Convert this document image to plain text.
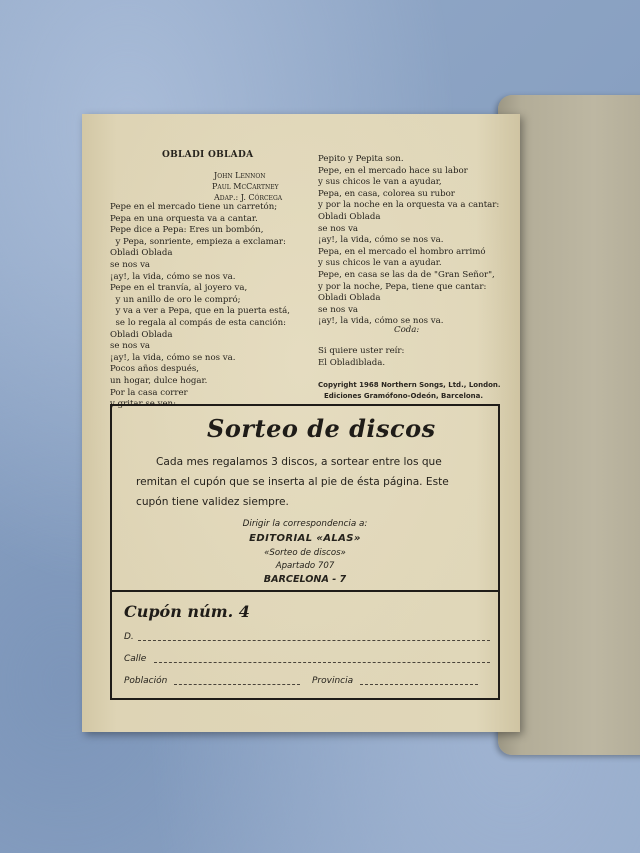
OBLADI OBLADA
John Lennon
Paul McCartney
Adap.: J. Córcega
Pepe en el mercado tiene un carretón;
Pepa en una orquesta va a cantar.
Pepe dice a Pepa: Eres un bombón,
y Pepa, sonriente, empieza a exclamar:
Obladi Oblada
se nos va
¡ay!, la vida, cómo se nos va.
Pepe en el tranvía, al joyero va,
y un anillo de oro le compró;
y va a ver a Pepa, que en la puerta está,
se lo regala al compás de esta canción:
Obladi Oblada
se nos va
¡ay!, la vida, cómo se nos va.
Pocos años después,
un hogar, dulce hogar.
Por la casa correr
y gritar se ven:
Pepito y Pepita son.
Pepe, en el mercado hace su labor
y sus chicos le van a ayudar,
Pepa, en casa, colorea su rubor
y por la noche en la orquesta va a cantar:
Obladi Oblada
se nos va
¡ay!, la vida, cómo se nos va.
Pepa, en el mercado el hombro arrimó
y sus chicos le van a ayudar.
Pepe, en casa se las da de "Gran Señor",
y por la noche, Pepa, tiene que cantar:
Obladi Oblada
se nos va
¡ay!, la vida, cómo se nos va.
Coda:
Si quiere uster reír:
El Obladiblada.
Copyright 1968 Northern Songs, Ltd., London.
Ediciones Gramófono-Odeón, Barcelona.
Sorteo de discos
Cada mes regalamos 3 discos, a sortear entre los que
remitan el cupón que se inserta al pie de ésta página. Este
cupón tiene validez siempre.
Dirigir la correspondencia a:
EDITORIAL «ALAS»
«Sorteo de discos»
Apartado 707
BARCELONA - 7
Cupón núm. 4
D.
Calle
Población	Provincia
